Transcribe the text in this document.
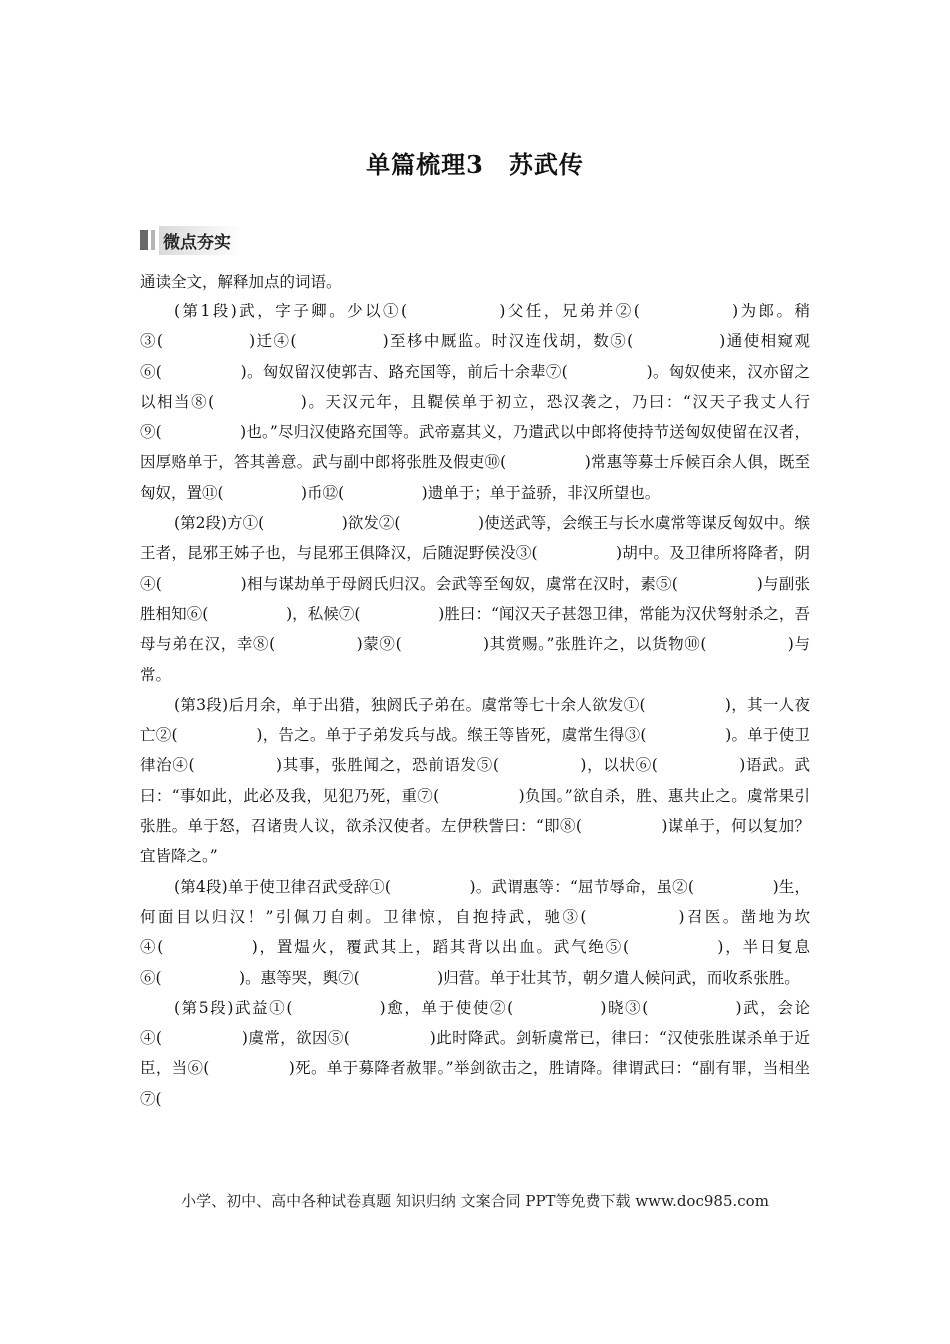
单篇梳理3　苏武传
微点夯实
通读全文，解释加点的词语。

(第1段)武，字子卿。少以①(　　　　　)父任，兄弟并②(　　　　　)为郎。稍③(　　　　　)迁④(　　　　　)至栘中厩监。时汉连伐胡，数⑤(　　　　　)通使相窥观⑥(　　　　　)。匈奴留汉使郭吉、路充国等，前后十余辈⑦(　　　　　)。匈奴使来，汉亦留之以相当⑧(　　　　　)。天汉元年，且鞮侯单于初立，恐汉袭之，乃曰：“汉天子我丈人行⑨(　　　　　)也。”尽归汉使路充国等。武帝嘉其义，乃遣武以中郎将使持节送匈奴使留在汉者，因厚赂单于，答其善意。武与副中郎将张胜及假吏⑩(　　　　　)常惠等募士斥候百余人俱，既至匈奴，置⑪(　　　　　)币⑫(　　　　　)遗单于；单于益骄，非汉所望也。

(第2段)方①(　　　　　)欲发②(　　　　　)使送武等，会缑王与长水虞常等谋反匈奴中。缑王者，昆邪王姊子也，与昆邪王俱降汉，后随浞野侯没③(　　　　　)胡中。及卫律所将降者，阴④(　　　　　)相与谋劫单于母阏氏归汉。会武等至匈奴，虞常在汉时，素⑤(　　　　　)与副张胜相知⑥(　　　　　)，私候⑦(　　　　　)胜曰：“闻汉天子甚怨卫律，常能为汉伏弩射杀之，吾母与弟在汉，幸⑧(　　　　　)蒙⑨(　　　　　)其赏赐。”张胜许之，以货物⑩(　　　　　)与常。

(第3段)后月余，单于出猎，独阏氏子弟在。虞常等七十余人欲发①(　　　　　)，其一人夜亡②(　　　　　)，告之。单于子弟发兵与战。缑王等皆死，虞常生得③(　　　　　)。单于使卫律治④(　　　　　)其事，张胜闻之，恐前语发⑤(　　　　　)，以状⑥(　　　　　)语武。武曰：“事如此，此必及我，见犯乃死，重⑦(　　　　　)负国。”欲自杀，胜、惠共止之。虞常果引张胜。单于怒，召诸贵人议，欲杀汉使者。左伊秩訾曰：“即⑧(　　　　　)谋单于，何以复加？宜皆降之。”

(第4段)单于使卫律召武受辞①(　　　　　)。武谓惠等：“屈节辱命，虽②(　　　　　)生，何面目以归汉！”引佩刀自刺。卫律惊，自抱持武，驰③(　　　　　)召医。凿地为坎④(　　　　　)，置煴火，覆武其上，蹈其背以出血。武气绝⑤(　　　　　)，半日复息⑥(　　　　　)。惠等哭，舆⑦(　　　　　)归营。单于壮其节，朝夕遣人候问武，而收系张胜。

(第5段)武益①(　　　　　)愈，单于使使②(　　　　　)晓③(　　　　　)武，会论④(　　　　　)虞常，欲因⑤(　　　　　)此时降武。剑斩虞常已，律曰：“汉使张胜谋杀单于近臣，当⑥(　　　　　)死。单于募降者赦罪。”举剑欲击之，胜请降。律谓武曰：“副有罪，当相坐⑦(

小学、初中、高中各种试卷真题 知识归纳 文案合同 PPT等免费下载 www.doc985.com
